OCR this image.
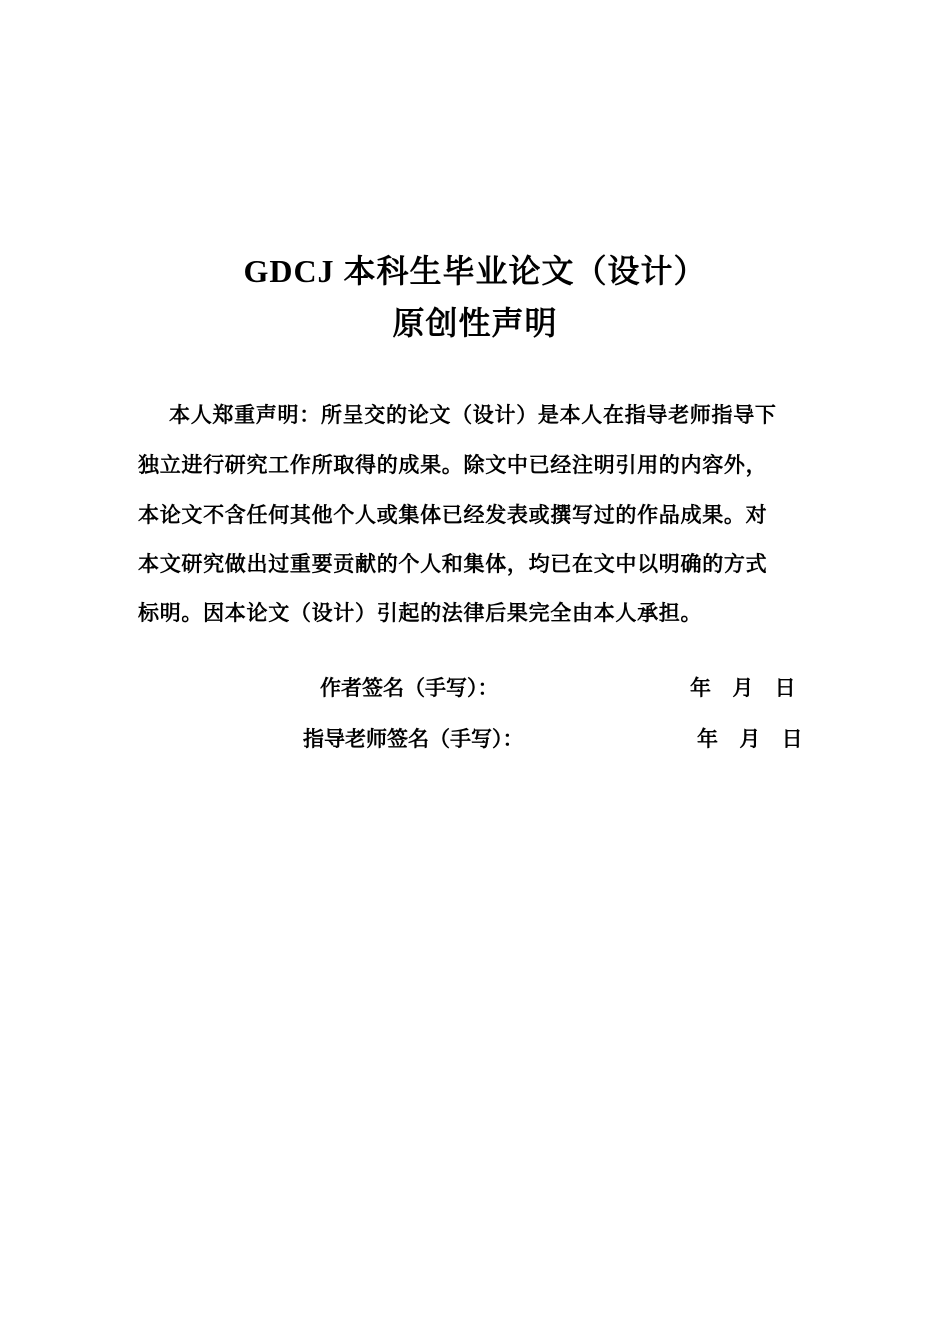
GDCJ 本科生毕业论文（设计）
原创性声明
本人郑重声明：所呈交的论文（设计）是本人在指导老师指导下
独立进行研究工作所取得的成果。除文中已经注明引用的内容外，
本论文不含任何其他个人或集体已经发表或撰写过的作品成果。对
本文研究做出过重要贡献的个人和集体，均已在文中以明确的方式
标明。因本论文（设计）引起的法律后果完全由本人承担。
作者签名（手写）：	年 月 日
指导老师签名（手写）：	年 月 日
